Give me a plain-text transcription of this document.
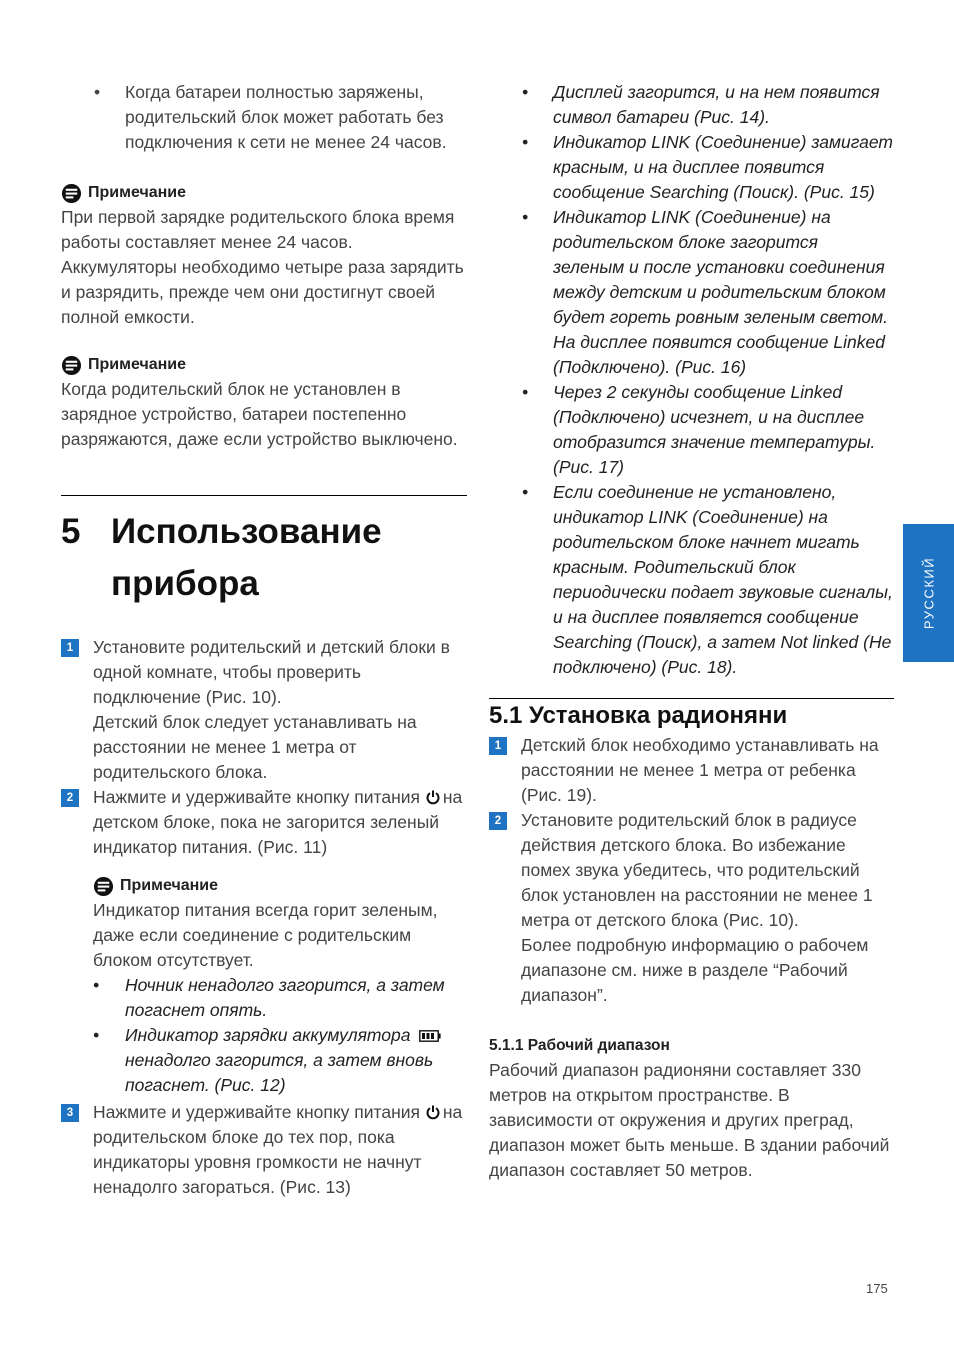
• Когда батареи полностью заряжены, родительский блок может работать без подключения к сети не менее 24 часов.
Примечание
При первой зарядке родительского блока время работы составляет менее 24 часов. Аккумуляторы необходимо четыре раза зарядить и разрядить, прежде чем они достигнут своей полной емкости.
Примечание
Когда родительский блок не установлен в зарядное устройство, батареи постепенно разряжаются, даже если устройство выключено.
5 Использование
прибора
1	Установите родительский и детский блоки в одной комнате, чтобы проверить подключение (Рис. 10).
Детский блок следует устанавливать на расстоянии не менее 1 метра от родительского блока.
2	Нажмите и удерживайте кнопку питания на детском блоке, пока не загорится зеленый индикатор питания. (Рис. 11)
Примечание
Индикатор питания всегда горит зеленым, даже если соединение с родительским блоком отсутствует.
• Ночник ненадолго загорится, а затем погаснет опять.
• Индикатор зарядки аккумулятора  ненадолго загорится, а затем вновь погаснет. (Рис. 12)
3	Нажмите и удерживайте кнопку питания на родительском блоке до тех пор, пока индикаторы уровня громкости не начнут ненадолго загораться. (Рис. 13)
• Дисплей загорится, и на нем появится символ батареи (Рис. 14).
• Индикатор LINK (Соединение) замигает красным, и на дисплее появится сообщение Searching (Поиск). (Рис. 15)
• Индикатор LINK (Соединение) на родительском блоке загорится зеленым и после установки соединения между детским и родительским блоком будет гореть ровным зеленым светом. На дисплее появится сообщение Linked (Подключено). (Рис. 16)
• Через 2 секунды сообщение Linked (Подключено) исчезнет, и на дисплее отобразится значение температуры. (Рис. 17)
• Если соединение не установлено, индикатор LINK (Соединение) на родительском блоке начнет мигать красным. Родительский блок периодически подает звуковые сигналы, и на дисплее появляется сообщение Searching (Поиск), а затем Not linked (Не подключено) (Рис. 18).
5.1 Установка радионяни
1	Детский блок необходимо устанавливать на расстоянии не менее 1 метра от ребенка (Рис. 19).
2	Установите родительский блок в радиусе действия детского блока. Во избежание помех звука убедитесь, что родительский блок установлен на расстоянии не менее 1 метра от детского блока (Рис. 10).
Более подробную информацию о рабочем диапазоне см. ниже в разделе “Рабочий диапазон”.
5.1.1 Рабочий диапазон
Рабочий диапазон радионяни составляет 330 метров на открытом пространстве. В зависимости от окружения и других преград, диапазон может быть меньше. В здании рабочий диапазон составляет 50 метров.
РУССКИЙ
175
